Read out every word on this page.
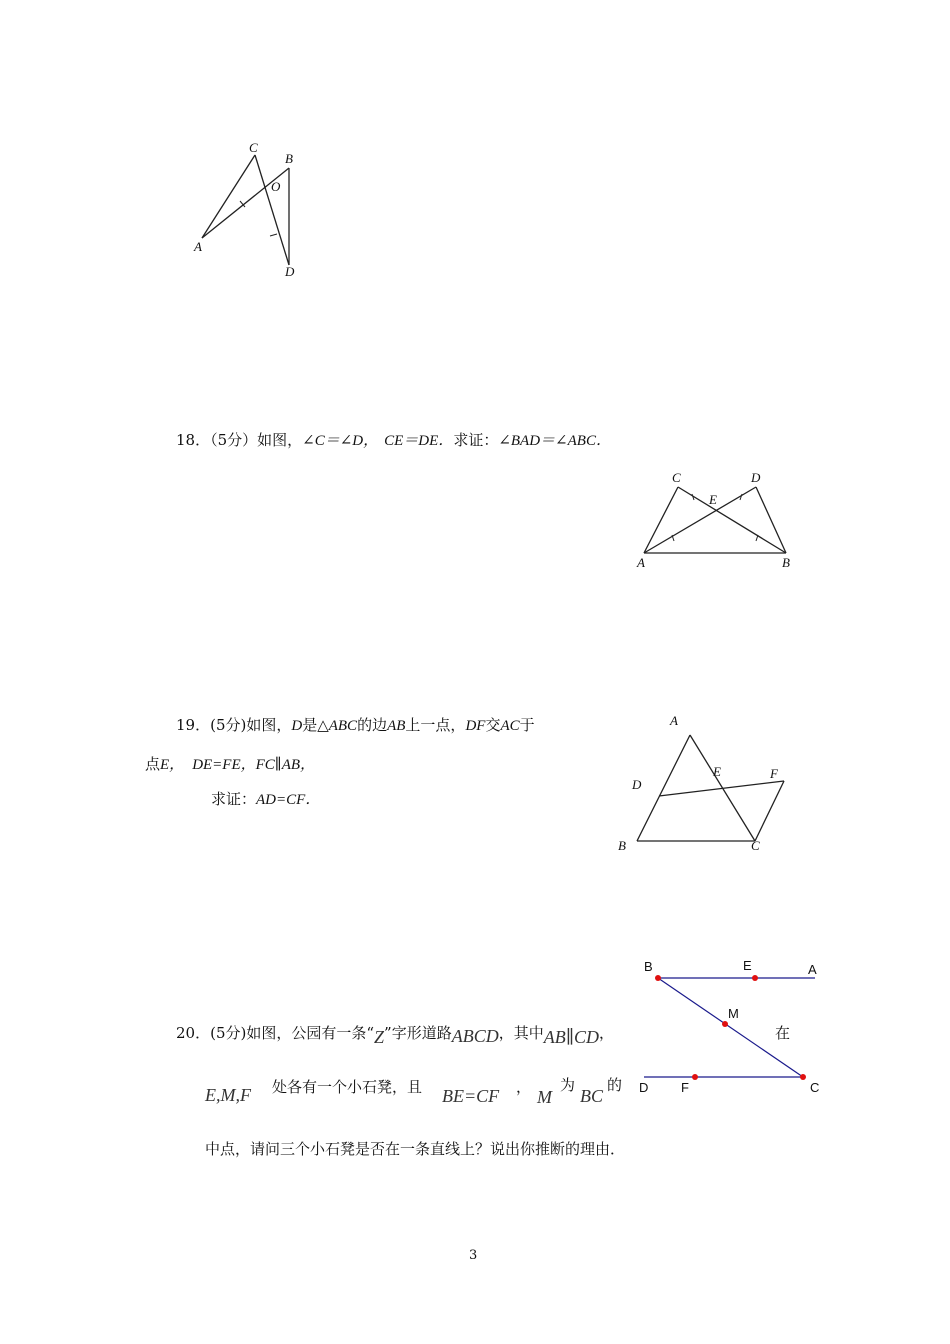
C
B
O
A
D
18．（5分）如图，∠C＝∠D， CE＝DE．求证：∠BAD＝∠ABC．
C	D
E
A	B
19．(5分)如图，D是△ABC的边AB上一点，DF交AC于
点E， DE=FE，FC∥AB，
求证：AD=CF．
A
E	F
D
B	C
B	E	A
M
D	F	C
20．(5分)如图，公园有一条“Z”字形道路ABCD，其中AB∥CD，	在
E,M,F 处各有一个小石凳，且 BE=CF ， M
为
BC
的
中点，请问三个小石凳是否在一条直线上？说出你推断的理由．
3
